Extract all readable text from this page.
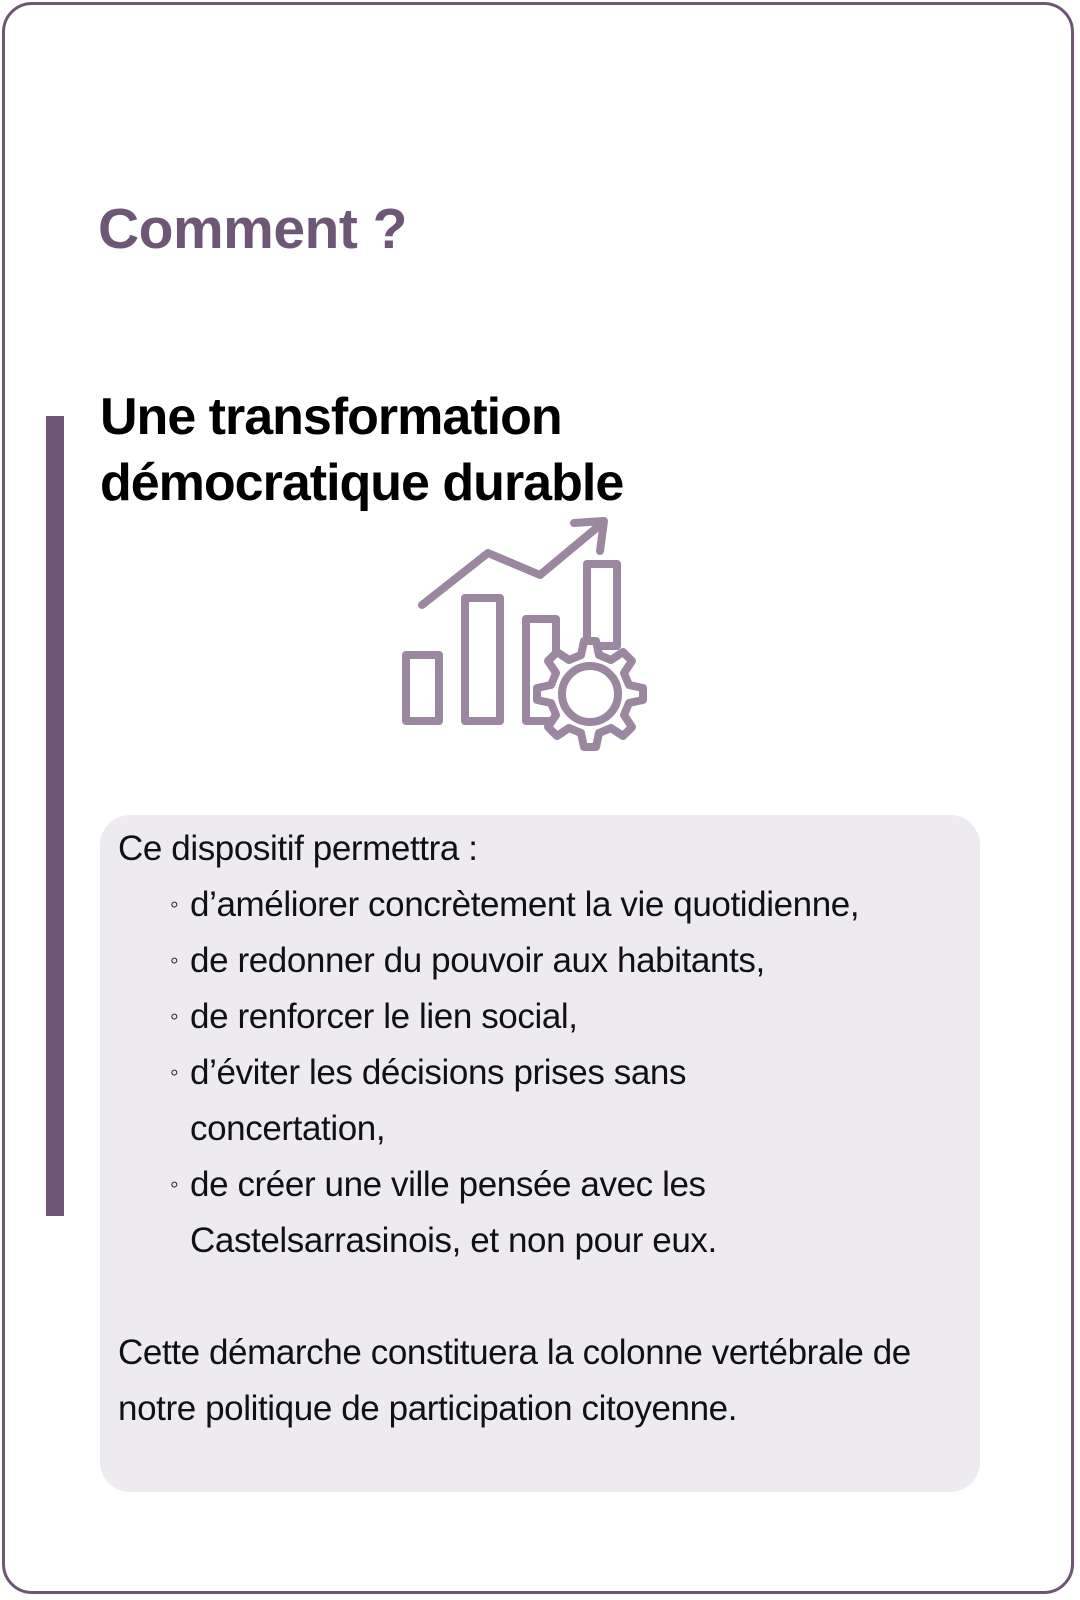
Comment ?
Une transformation démocratique durable

Ce dispositif permettra :

◦ d’améliorer concrètement la vie quotidienne,
◦ de redonner du pouvoir aux habitants,
◦ de renforcer le lien social,
◦ d’éviter les décisions prises sans concertation,
◦ de créer une ville pensée avec les Castelsarrasinois, et non pour eux.

Cette démarche constituera la colonne vertébrale de notre politique de participation citoyenne.
